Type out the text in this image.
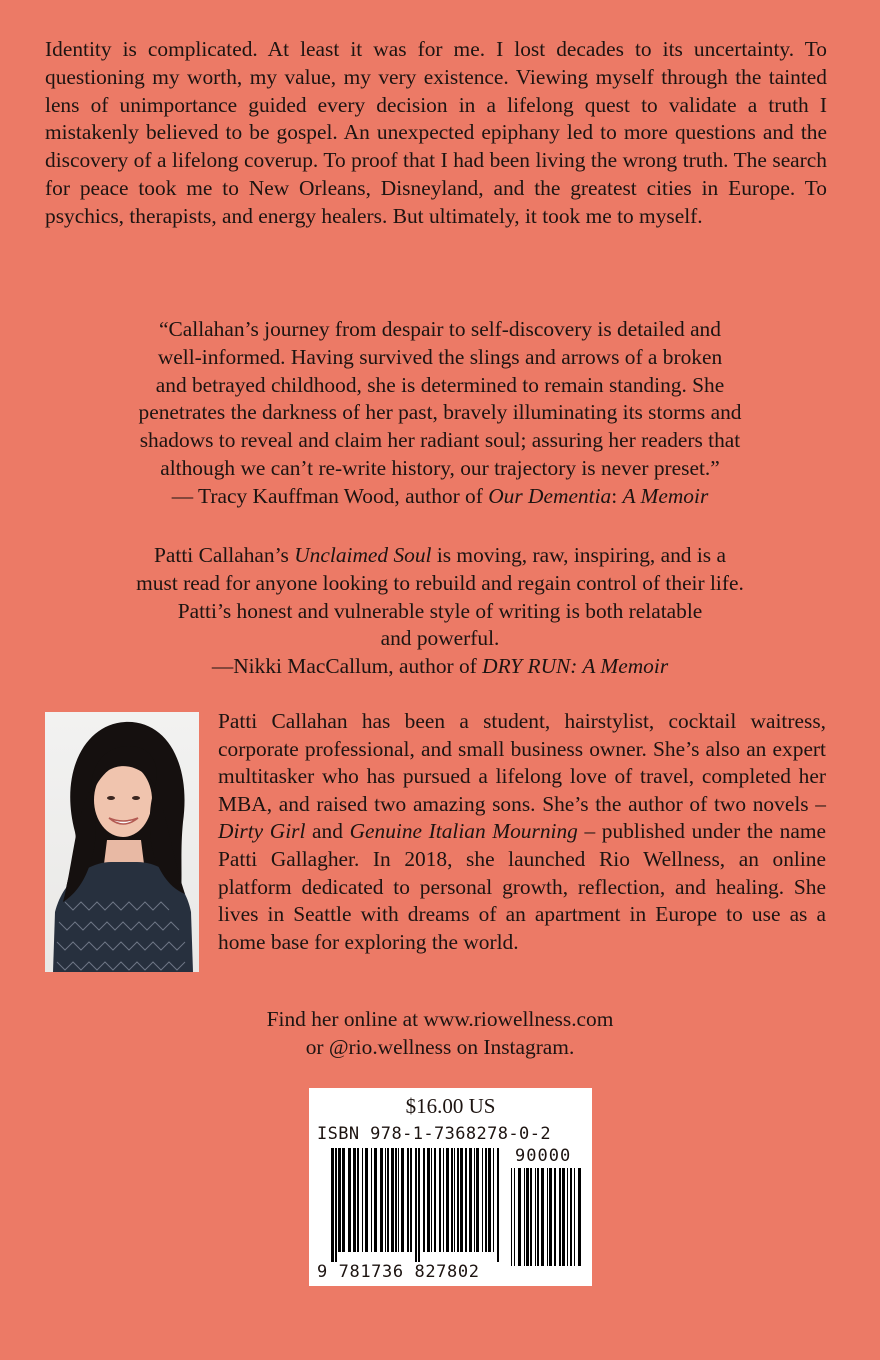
Identity is complicated. At least it was for me. I lost decades to its uncertainty. To questioning my worth, my value, my very existence. Viewing myself through the tainted lens of unimportance guided every decision in a lifelong quest to validate a truth I mistakenly believed to be gospel. An unexpected epiphany led to more questions and the discovery of a lifelong coverup. To proof that I had been living the wrong truth. The search for peace took me to New Orleans, Disneyland, and the greatest cities in Europe. To psychics, therapists, and energy healers. But ultimately, it took me to myself.

“Callahan’s journey from despair to self-discovery is detailed and

well-informed. Having survived the slings and arrows of a broken

and betrayed childhood, she is determined to remain standing. She

penetrates the darkness of her past, bravely illuminating its storms and

shadows to reveal and claim her radiant soul; assuring her readers that

although we can’t re-write history, our trajectory is never preset.”

— Tracy Kauffman Wood, author of Our Dementia: A Memoir

Patti Callahan’s Unclaimed Soul is moving, raw, inspiring, and is a

must read for anyone looking to rebuild and regain control of their life.

Patti’s honest and vulnerable style of writing is both relatable

and powerful.

—Nikki MacCallum, author of DRY RUN: A Memoir

Patti Callahan has been a student, hairstylist, cocktail waitress, corporate professional, and small business owner. She’s also an expert multitasker who has pursued a lifelong love of travel, completed her MBA, and raised two amazing sons. She’s the author of two novels – Dirty Girl and Genuine Italian Mourning – published under the name Patti Gallagher. In 2018, she launched Rio Wellness, an online platform dedicated to personal growth, reflection, and healing. She lives in Seattle with dreams of an apartment in Europe to use as a home base for exploring the world.

Find her online at www.riowellness.com

or @rio.wellness on Instagram.

$16.00 US
ISBN 978-1-7368278-0-2
90000
9 781736 827802
